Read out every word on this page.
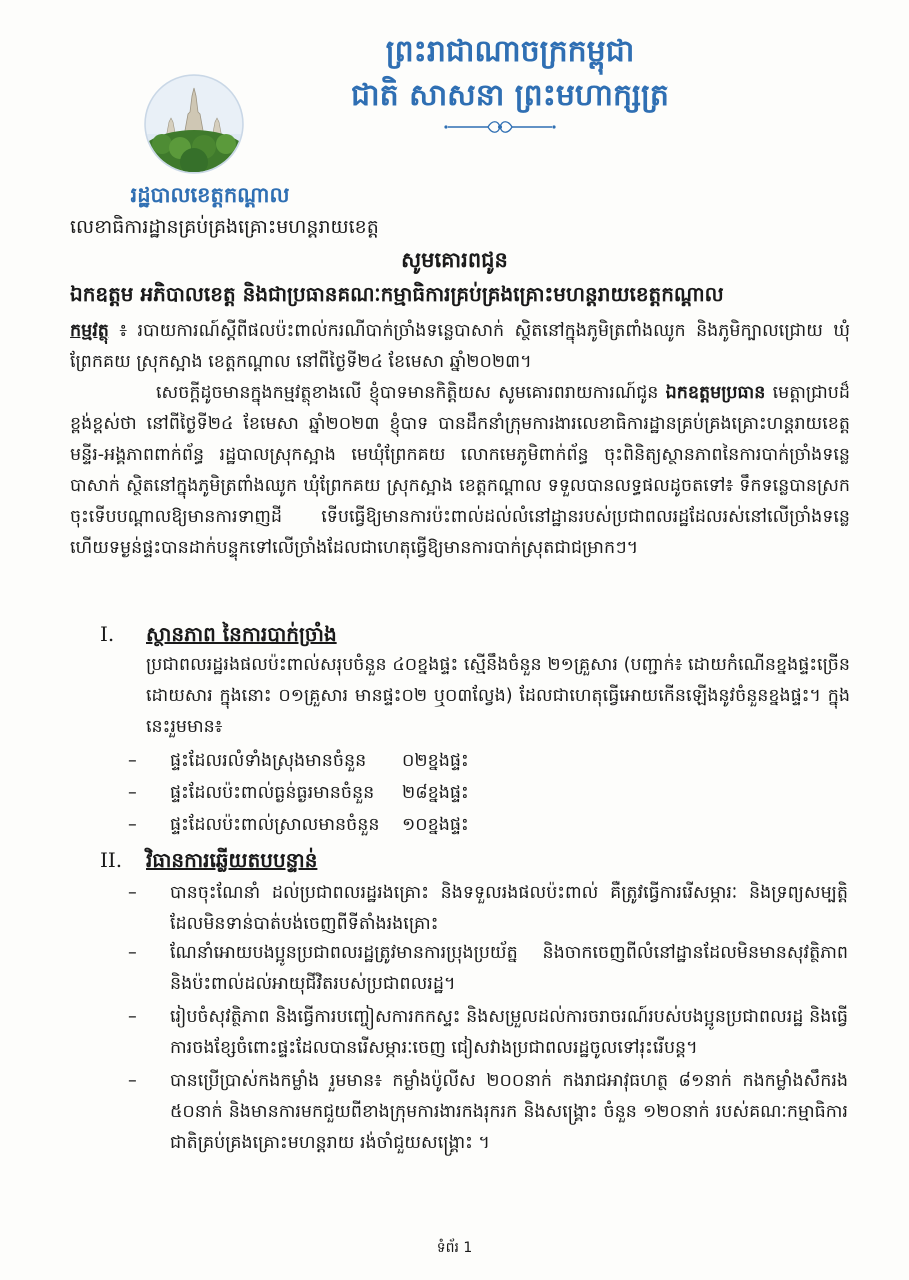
ព្រះរាជាណាចក្រកម្ពុជា
ជាតិ សាសនា ព្រះមហាក្សត្រ
រដ្ឋបាលខេត្តកណ្តាល
លេខាធិការដ្ឋានគ្រប់គ្រងគ្រោះមហន្តរាយខេត្ត
សូមគោរពជូន
ឯកឧត្តម អភិបាលខេត្ត និងជាប្រធានគណៈកម្មាធិការគ្រប់គ្រងគ្រោះមហន្តរាយខេត្តកណ្តាល
កម្មវត្ថុ ៖ របាយការណ៍ស្តីពីផលប៉ះពាល់ករណីបាក់ច្រាំងទន្លេបាសាក់ ស្ថិតនៅក្នុងភូមិត្រពាំងឈូក និងភូមិក្បាលជ្រោយ ឃុំព្រែកគយ ស្រុកស្អាង ខេត្តកណ្តាល នៅពីថ្ងៃទី២៤ ខែមេសា ឆ្នាំ២០២៣។
សេចក្តីដូចមានក្នុងកម្មវត្ថុខាងលើ ខ្ញុំបាទមានកិត្តិយស សូមគោរពរាយការណ៍ជូន ឯកឧត្តមប្រធាន មេត្តាជ្រាបដ៏ខ្ពង់ខ្ពស់ថា នៅពីថ្ងៃទី២៤ ខែមេសា ឆ្នាំ២០២៣ ខ្ញុំបាទ បានដឹកនាំក្រុមការងារលេខាធិការដ្ឋានគ្រប់គ្រងគ្រោះហន្តរាយខេត្ត មន្ទីរ-អង្គភាពពាក់ព័ន្ធ រដ្ឋបាលស្រុកស្អាង មេឃុំព្រែកគយ លោកមេភូមិពាក់ព័ន្ធ ចុះពិនិត្យស្ថានភាពនៃការបាក់ច្រាំងទន្លេបាសាក់ ស្ថិតនៅក្នុងភូមិត្រពាំងឈូក ឃុំព្រែកគយ ស្រុកស្អាង ខេត្តកណ្តាល ទទួលបានលទ្ធផលដូចតទៅ៖ ទឹកទន្លេបានស្រកចុះទើបបណ្តាលឱ្យមានការទាញដី ទើបធ្វើឱ្យមានការប៉ះពាល់ដល់លំនៅដ្ឋានរបស់ប្រជាពលរដ្ឋដែលរស់នៅលើច្រាំងទន្លេ ហើយទម្ងន់ផ្ទះបានដាក់បន្ទុកទៅលើច្រាំងដែលជាហេតុធ្វើឱ្យមានការបាក់ស្រុតជាជម្រាកៗ។
I. ស្ថានភាព នៃការបាក់ច្រាំង
ប្រជាពលរដ្ឋរងផលប៉ះពាល់សរុបចំនួន ៤០ខ្នងផ្ទះ ស្មើនឹងចំនួន ២១គ្រួសារ (បញ្ជាក់៖ ដោយកំណើនខ្នងផ្ទះច្រើនដោយសារ ក្នុងនោះ ០១គ្រួសារ មានផ្ទះ០២ ឬ០៣ល្វែង) ដែលជាហេតុធ្វើអោយកើនឡើងនូវចំនួនខ្នងផ្ទះ។ ក្នុងនេះរួមមាន៖
– ផ្ទះដែលរលំទាំងស្រុងមានចំនួន ០២ខ្នងផ្ទះ
– ផ្ទះដែលប៉ះពាល់ធ្ងន់ធ្ងរមានចំនួន ២៨ខ្នងផ្ទះ
– ផ្ទះដែលប៉ះពាល់ស្រាលមានចំនួន ១០ខ្នងផ្ទះ
II. វិធានការឆ្លើយតបបន្ទាន់
– បានចុះណែនាំ ដល់ប្រជាពលរដ្ឋរងគ្រោះ និងទទួលរងផលប៉ះពាល់ គឺត្រូវធ្វើការរើសម្ភារៈ និងទ្រព្យសម្បត្តិ ដែលមិនទាន់បាត់បង់ចេញពីទីតាំងរងគ្រោះ
– ណែនាំអោយបងប្អូនប្រជាពលរដ្ឋត្រូវមានការប្រុងប្រយ័ត្ន និងចាកចេញពីលំនៅដ្ឋានដែលមិនមានសុវត្ថិភាព និងប៉ះពាល់ដល់អាយុជីវិតរបស់ប្រជាពលរដ្ឋ។
– រៀបចំសុវត្ថិភាព និងធ្វើការបញ្ចៀសការកកស្ទះ និងសម្រួលដល់ការចរាចរណ៍របស់បងប្អូនប្រជាពលរដ្ឋ និងធ្វើការចងខ្សែចំពោះផ្ទះដែលបានរើសម្ភារៈចេញ ជៀសវាងប្រជាពលរដ្ឋចូលទៅរុះរើបន្ត។
– បានប្រើប្រាស់កងកម្លាំង រួមមាន៖ កម្លាំងប៉ូលីស ២០០នាក់ កងរាជអាវុធហត្ថ ៨១នាក់ កងកម្លាំងសឹករង ៥០នាក់ និងមានការមកជួយពីខាងក្រុមការងារកងរុករក និងសង្គ្រោះ ចំនួន ១២០នាក់ របស់គណៈកម្មាធិការជាតិគ្រប់គ្រងគ្រោះមហន្តរាយ រង់ចាំជួយសង្គ្រោះ ។
ទំព័រ 1
